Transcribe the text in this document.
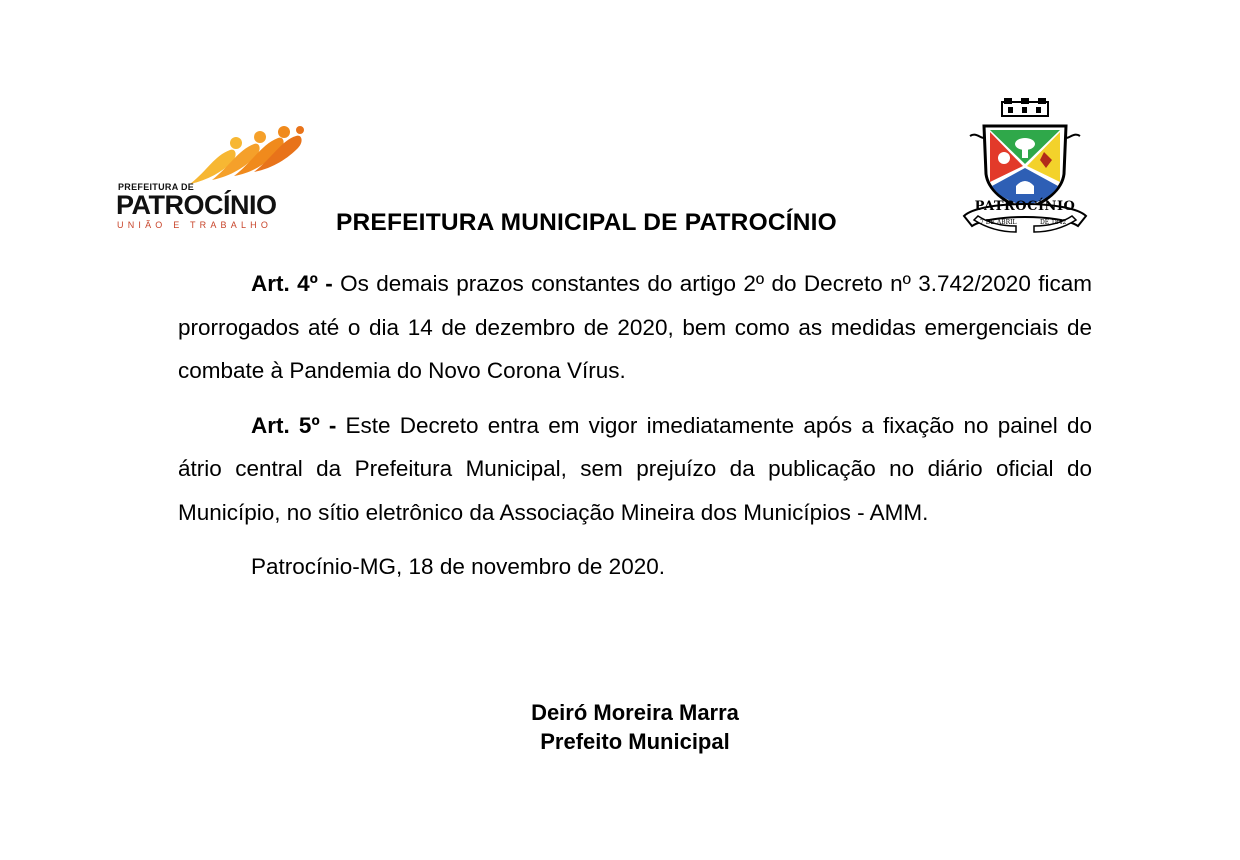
PREFEITURA DE
PATROCÍNIO
UNIÃO E TRABALHO	PREFEITURA MUNICIPAL DE PATROCÍNIO
PATROCÍNIO
7 DE ABRIL	DE 1842

Art. 4º - Os demais prazos constantes do artigo 2º do Decreto nº 3.742/2020 ficam prorrogados até o dia 14 de dezembro de 2020, bem como as medidas emergenciais de combate à Pandemia do Novo Corona Vírus.

Art. 5º - Este Decreto entra em vigor imediatamente após a fixação no painel do átrio central da Prefeitura Municipal, sem prejuízo da publicação no diário oficial do Município, no sítio eletrônico da Associação Mineira dos Municípios - AMM.

Patrocínio-MG, 18 de novembro de 2020.

Deiró Moreira Marra
Prefeito Municipal
